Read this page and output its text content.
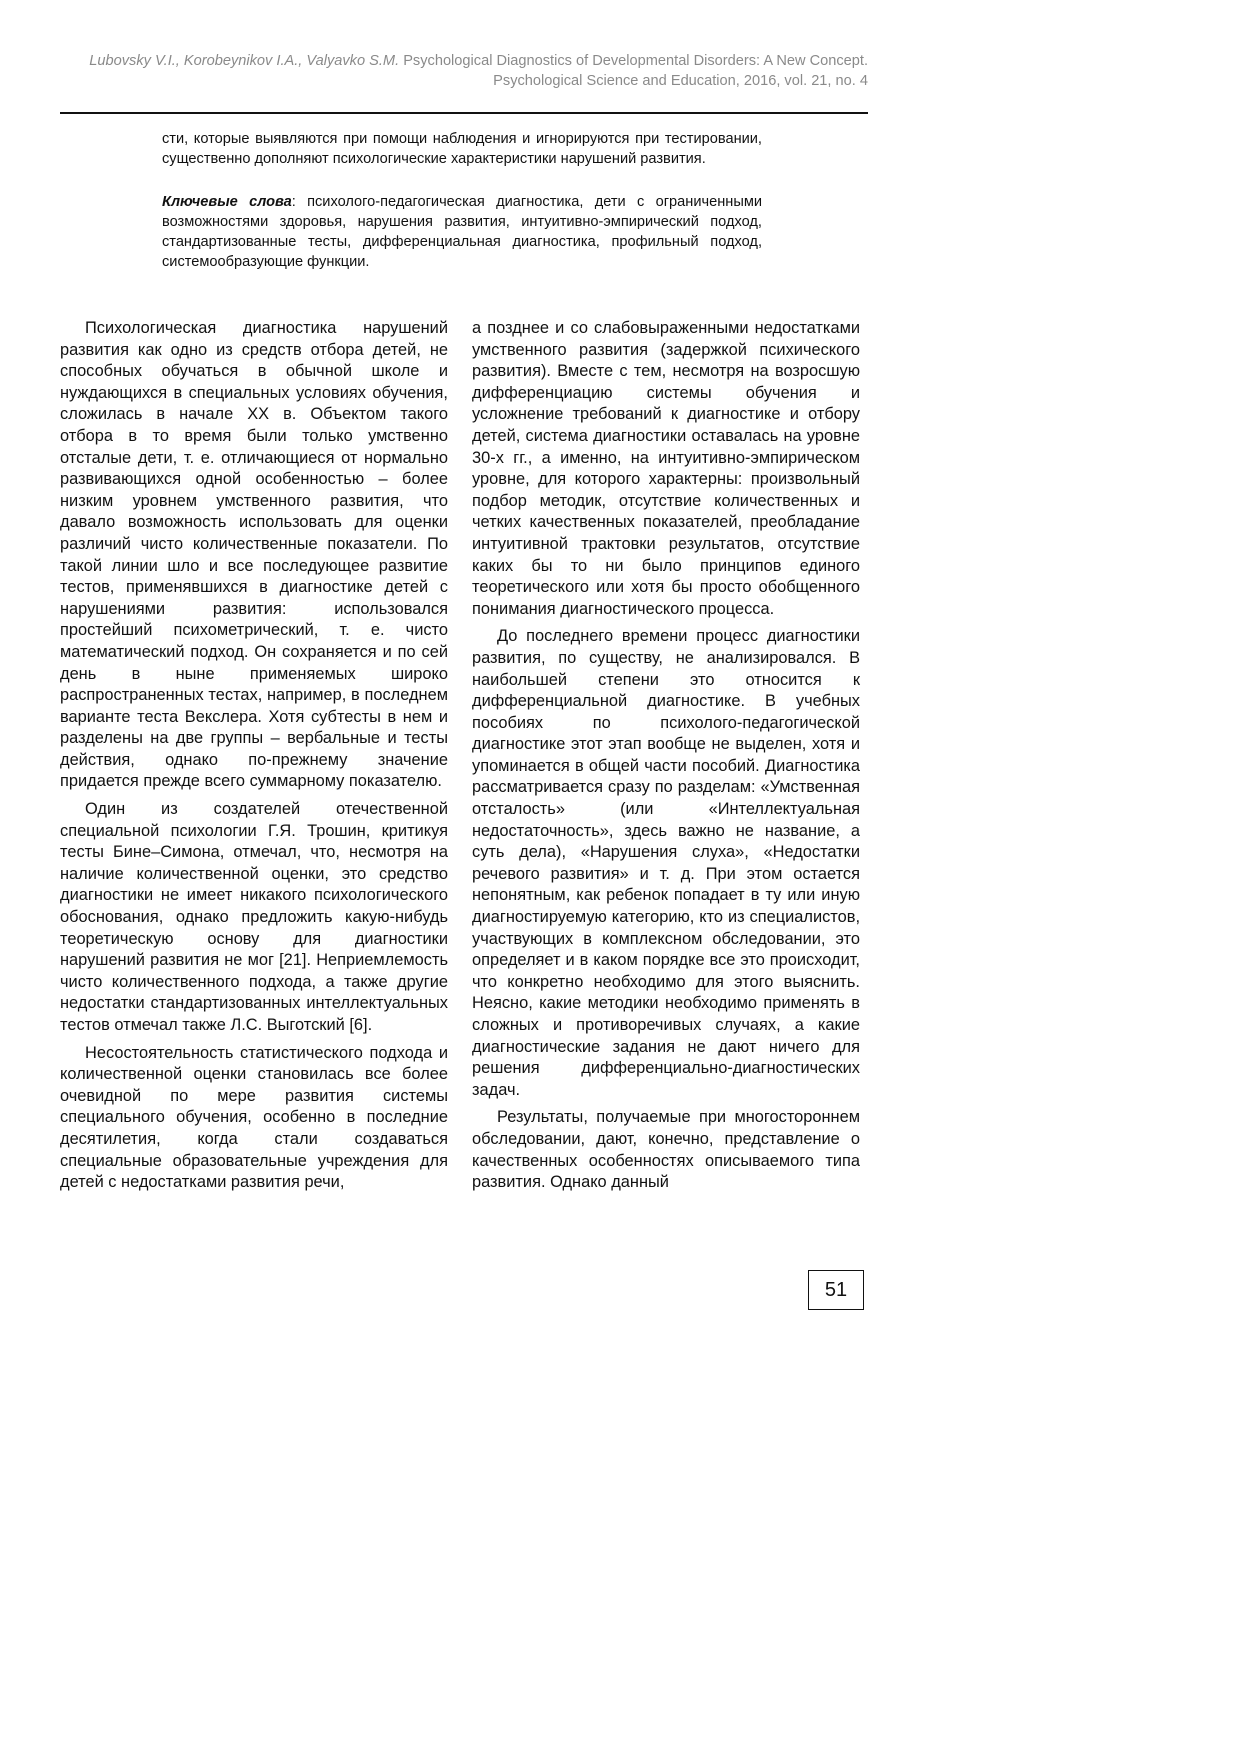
Lubovsky V.I., Korobeynikov I.A., Valyavko S.M. Psychological Diagnostics of Developmental Disorders: A New Concept.
Psychological Science and Education, 2016, vol. 21, no. 4

сти, которые выявляются при помощи наблюдения и игнорируются при тестировании, существенно дополняют психологические характеристики нарушений развития.

Ключевые слова: психолого-педагогическая диагностика, дети с ограниченными возможностями здоровья, нарушения развития, интуитивно-эмпирический подход, стандартизованные тесты, дифференциальная диагностика, профильный подход, системообразующие функции.

Психологическая диагностика нарушений развития как одно из средств отбора детей, не способных обучаться в обычной школе и нуждающихся в специальных условиях обучения, сложилась в начале XX в. Объектом такого отбора в то время были только умственно отсталые дети, т. е. отличающиеся от нормально развивающихся одной особенностью – более низким уровнем умственного развития, что давало возможность использовать для оценки различий чисто количественные показатели. По такой линии шло и все последующее развитие тестов, применявшихся в диагностике детей с нарушениями развития: использовался простейший психометрический, т. е. чисто математический подход. Он сохраняется и по сей день в ныне применяемых широко распространенных тестах, например, в последнем варианте теста Векслера. Хотя субтесты в нем и разделены на две группы – вербальные и тесты действия, однако по-прежнему значение придается прежде всего суммарному показателю.

Один из создателей отечественной специальной психологии Г.Я. Трошин, критикуя тесты Бине–Симона, отмечал, что, несмотря на наличие количественной оценки, это средство диагностики не имеет никакого психологического обоснования, однако предложить какую-нибудь теоретическую основу для диагностики нарушений развития не мог [21]. Неприемлемость чисто количественного подхода, а также другие недостатки стандартизованных интеллектуальных тестов отмечал также Л.С. Выготский [6].

Несостоятельность статистического подхода и количественной оценки становилась все более очевидной по мере развития системы специального обучения, особенно в последние десятилетия, когда стали создаваться специальные образовательные учреждения для детей с недостатками развития речи,

а позднее и со слабовыраженными недостатками умственного развития (задержкой психического развития). Вместе с тем, несмотря на возросшую дифференциацию системы обучения и усложнение требований к диагностике и отбору детей, система диагностики оставалась на уровне 30-х гг., а именно, на интуитивно-эмпирическом уровне, для которого характерны: произвольный подбор методик, отсутствие количественных и четких качественных показателей, преобладание интуитивной трактовки результатов, отсутствие каких бы то ни было принципов единого теоретического или хотя бы просто обобщенного понимания диагностического процесса.

До последнего времени процесс диагностики развития, по существу, не анализировался. В наибольшей степени это относится к дифференциальной диагностике. В учебных пособиях по психолого-педагогической диагностике этот этап вообще не выделен, хотя и упоминается в общей части пособий. Диагностика рассматривается сразу по разделам: «Умственная отсталость» (или «Интеллектуальная недостаточность», здесь важно не название, а суть дела), «Нарушения слуха», «Недостатки речевого развития» и т. д. При этом остается непонятным, как ребенок попадает в ту или иную диагностируемую категорию, кто из специалистов, участвующих в комплексном обследовании, это определяет и в каком порядке все это происходит, что конкретно необходимо для этого выяснить. Неясно, какие методики необходимо применять в сложных и противоречивых случаях, а какие диагностические задания не дают ничего для решения дифференциально-диагностических задач.

Результаты, получаемые при многостороннем обследовании, дают, конечно, представление о качественных особенностях описываемого типа развития. Однако данный

51
